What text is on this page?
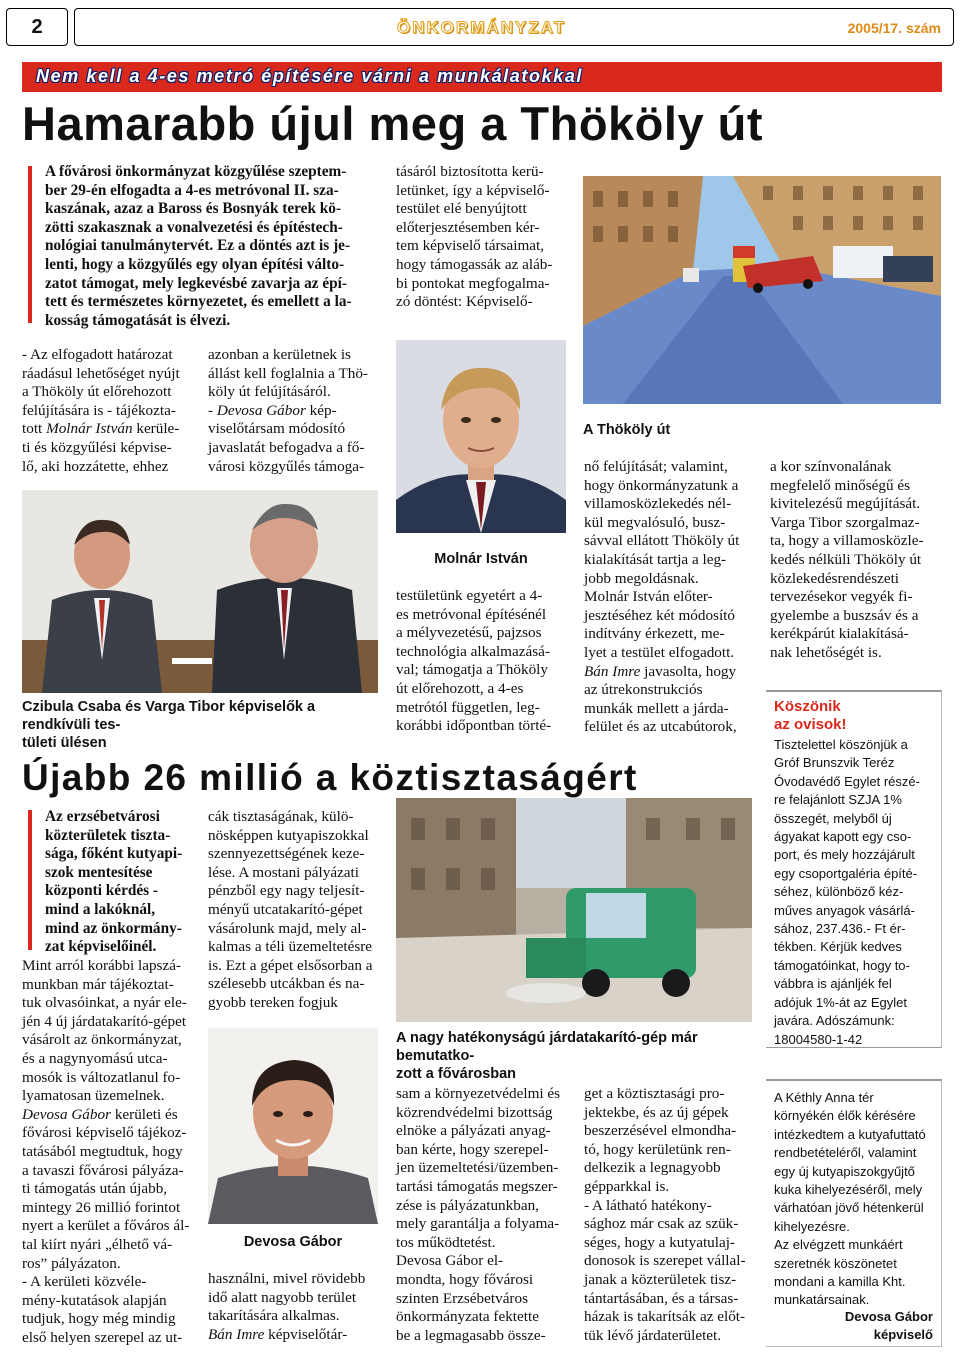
2	ÖNKORMÁNYZAT	2005/17. szám
Nem kell a 4-es metró építésére várni a munkálatokkal
Hamarabb újul meg a Thököly út
A fővárosi önkormányzat közgyűlése szeptem-
ber 29-én elfogadta a 4-es metróvonal II. sza-
kaszának, azaz a Baross és Bosnyák terek kö-
zötti szakasznak a vonalvezetési és építéstech-
nológiai tanulmánytervét. Ez a döntés azt is je-
lenti, hogy a közgyűlés egy olyan építési válto-
zatot támogat, mely legkevésbé zavarja az épí-
tett és természetes környezetet, és emellett a la-
kosság támogatását is élvezi.
tásáról biztosította kerü-
letünket, így a képviselő-
testület elé benyújtott
előterjesztésemben kér-
tem képviselő társaimat,
hogy támogassák az aláb-
bi pontokat megfogalma-
zó döntést: Képviselő-
A Thököly út
- Az elfogadott határozat
ráadásul lehetőséget nyújt
a Thököly út előrehozott
felújítására is - tájékozta-
tott Molnár István kerüle-
ti és közgyűlési képvise-
lő, aki hozzátette, ehhez
azonban a kerületnek is
állást kell foglalnia a Thö-
köly út felújításáról.
- Devosa Gábor kép-
viselőtársam módosító
javaslatát befogadva a fő-
városi közgyűlés támoga-
Molnár István
Czibula Csaba és Varga Tibor képviselők a rendkívüli tes-
tületi ülésen
testületünk egyetért a 4-
es metróvonal építésénél
a mélyvezetésű, pajzsos
technológia alkalmazásá-
val; támogatja a Thököly
út előrehozott, a 4-es
metrótól független, leg-
korábbi időpontban törté-
nő felújítását; valamint,
hogy önkormányzatunk a
villamosközlekedés nél-
kül megvalósuló, busz-
sávval ellátott Thököly út
kialakítását tartja a leg-
jobb megoldásnak.
Molnár István előter-
jesztéséhez két módosító
indítvány érkezett, me-
lyet a testület elfogadott.
Bán Imre javasolta, hogy
az útrekonstrukciós
munkák mellett a járda-
felület és az utcabútorok,
a kor színvonalának
megfelelő minőségű és
kivitelezésű megújítását.
Varga Tibor szorgalmaz-
ta, hogy a villamosközle-
kedés nélküli Thököly út
közlekedésrendészeti
tervezésekor vegyék fi-
gyelembe a buszsáv és a
kerékpárút kialakításá-
nak lehetőségét is.
Újabb 26 millió a köztisztaságért
Az erzsébetvárosi
közterületek tiszta-
sága, főként kutyapi-
szok mentesítése
központi kérdés -
mind a lakóknál,
mind az önkormány-
zat képviselőinél.
Mint arról korábbi lapszá-
munkban már tájékoztat-
tuk olvasóinkat, a nyár ele-
jén 4 új járdatakarító-gépet
vásárolt az önkormányzat,
és a nagynyomású utca-
mosók is változatlanul fo-
lyamatosan üzemelnek.
Devosa Gábor kerületi és
fővárosi képviselő tájékoz-
tatásából megtudtuk, hogy
a tavaszi fővárosi pályáza-
ti támogatás után újabb,
mintegy 26 millió forintot
nyert a kerület a főváros ál-
tal kiírt nyári „élhető vá-
ros” pályázaton.
- A kerületi közvéle-
mény-kutatások alapján
tudjuk, hogy még mindig
első helyen szerepel az ut-
cák tisztaságának, külö-
nösképpen kutyapiszokkal
szennyezettségének keze-
lése. A mostani pályázati
pénzből egy nagy teljesít-
ményű utcatakarító-gépet
vásárolunk majd, mely al-
kalmas a téli üzemeltetésre
is. Ezt a gépet elsősorban a
szélesebb utcákban és na-
gyobb tereken fogjuk
Devosa Gábor
használni, mivel rövidebb
idő alatt nagyobb terület
takarítására alkalmas.
Bán Imre képviselőtár-
A nagy hatékonyságú járdatakarító-gép már bemutatko-
zott a fővárosban
sam a környezetvédelmi és
közrendvédelmi bizottság
elnöke a pályázati anyag-
ban kérte, hogy szerepel-
jen üzemeltetési/üzemben-
tartási támogatás megszer-
zése is pályázatunkban,
mely garantálja a folyama-
tos működtetést.
Devosa Gábor el-
mondta, hogy fővárosi
szinten Erzsébetváros
önkormányzata fektette
be a legmagasabb össze-
get a köztisztasági pro-
jektekbe, és az új gépek
beszerzésével elmondha-
tó, hogy kerületünk ren-
delkezik a legnagyobb
gépparkkal is.
- A látható hatékony-
sághoz már csak az szük-
séges, hogy a kutyatulaj-
donosok is szerepet vállal-
janak a közterületek tisz-
tántartásában, és a társas-
házak is takarítsák az előt-
tük lévő járdaterületet.
Köszönik
az ovisok!
Tisztelettel köszönjük a
Gróf Brunszvik Teréz
Óvodavédő Egylet részé-
re felajánlott SZJA 1%
összegét, melyből új
ágyakat kapott egy cso-
port, és mely hozzájárult
egy csoportgaléria építé-
séhez, különböző kéz-
műves anyagok vásárlá-
sához, 237.436.- Ft ér-
tékben. Kérjük kedves
támogatóinkat, hogy to-
vábbra is ajánljék fel
adójuk 1%-át az Egylet
javára. Adószámunk:
18004580-1-42
A Kéthly Anna tér
környékén élők kérésére
intézkedtem a kutyafuttató
rendbetételéről, valamint
egy új kutyapiszokgyűjtő
kuka kihelyezéséről, mely
várhatóan jövő hétenkerül
kihelyezésre.
Az elvégzett munkáért
szeretnék köszönetet
mondani a kamilla Kht.
munkatársainak.
Devosa Gábor
képviselő
